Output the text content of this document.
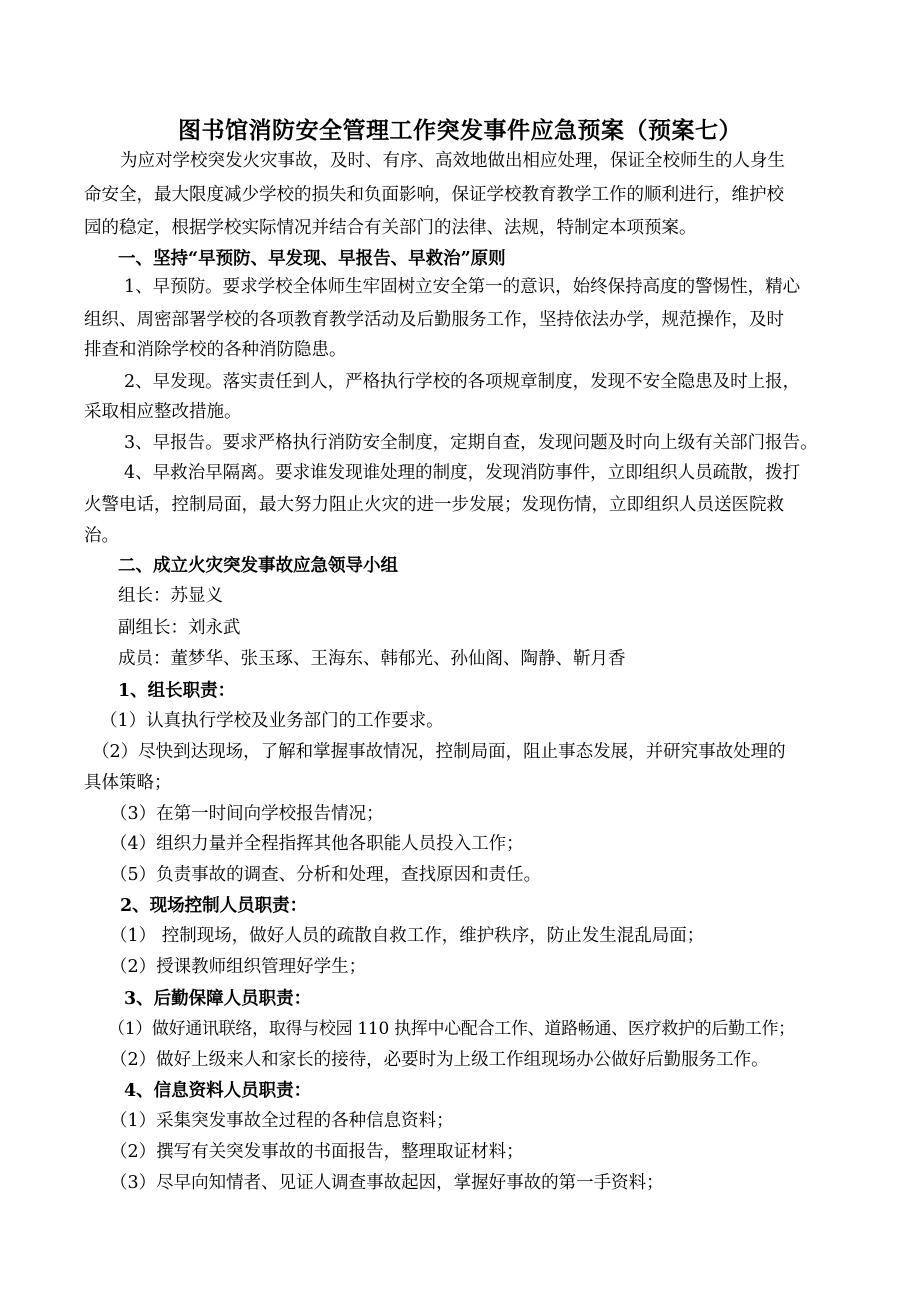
图书馆消防安全管理工作突发事件应急预案（预案七）
为应对学校突发火灾事故，及时、有序、高效地做出相应处理，保证全校师生的人身生
命安全，最大限度减少学校的损失和负面影响，保证学校教育教学工作的顺利进行，维护校
园的稳定，根据学校实际情况并结合有关部门的法律、法规，特制定本项预案。
一、坚持“早预防、早发现、早报告、早救治”原则
1、早预防。要求学校全体师生牢固树立安全第一的意识，始终保持高度的警惕性，精心
组织、周密部署学校的各项教育教学活动及后勤服务工作，坚持依法办学，规范操作，及时
排查和消除学校的各种消防隐患。
2、早发现。落实责任到人，严格执行学校的各项规章制度，发现不安全隐患及时上报，
采取相应整改措施。
3、早报告。要求严格执行消防安全制度，定期自查，发现问题及时向上级有关部门报告。
4、早救治早隔离。要求谁发现谁处理的制度，发现消防事件，立即组织人员疏散，拨打
火警电话，控制局面，最大努力阻止火灾的进一步发展；发现伤情，立即组织人员送医院救
治。
二、成立火灾突发事故应急领导小组
组长：苏显义
副组长：刘永武
成员：董梦华、张玉琢、王海东、韩郁光、孙仙阁、陶静、靳月香
1、组长职责：
（1）认真执行学校及业务部门的工作要求。
（2）尽快到达现场，了解和掌握事故情况，控制局面，阻止事态发展，并研究事故处理的
具体策略；
（3）在第一时间向学校报告情况；
（4）组织力量并全程指挥其他各职能人员投入工作；
（5）负责事故的调查、分析和处理，查找原因和责任。
2、现场控制人员职责：
（1） 控制现场，做好人员的疏散自救工作，维护秩序，防止发生混乱局面；
（2）授课教师组织管理好学生；
3、后勤保障人员职责：
（1）做好通讯联络，取得与校园 110 执挥中心配合工作、道路畅通、医疗救护的后勤工作；
（2）做好上级来人和家长的接待，必要时为上级工作组现场办公做好后勤服务工作。
4、信息资料人员职责：
（1）采集突发事故全过程的各种信息资料；
（2）撰写有关突发事故的书面报告，整理取证材料；
（3）尽早向知情者、见证人调查事故起因，掌握好事故的第一手资料；
